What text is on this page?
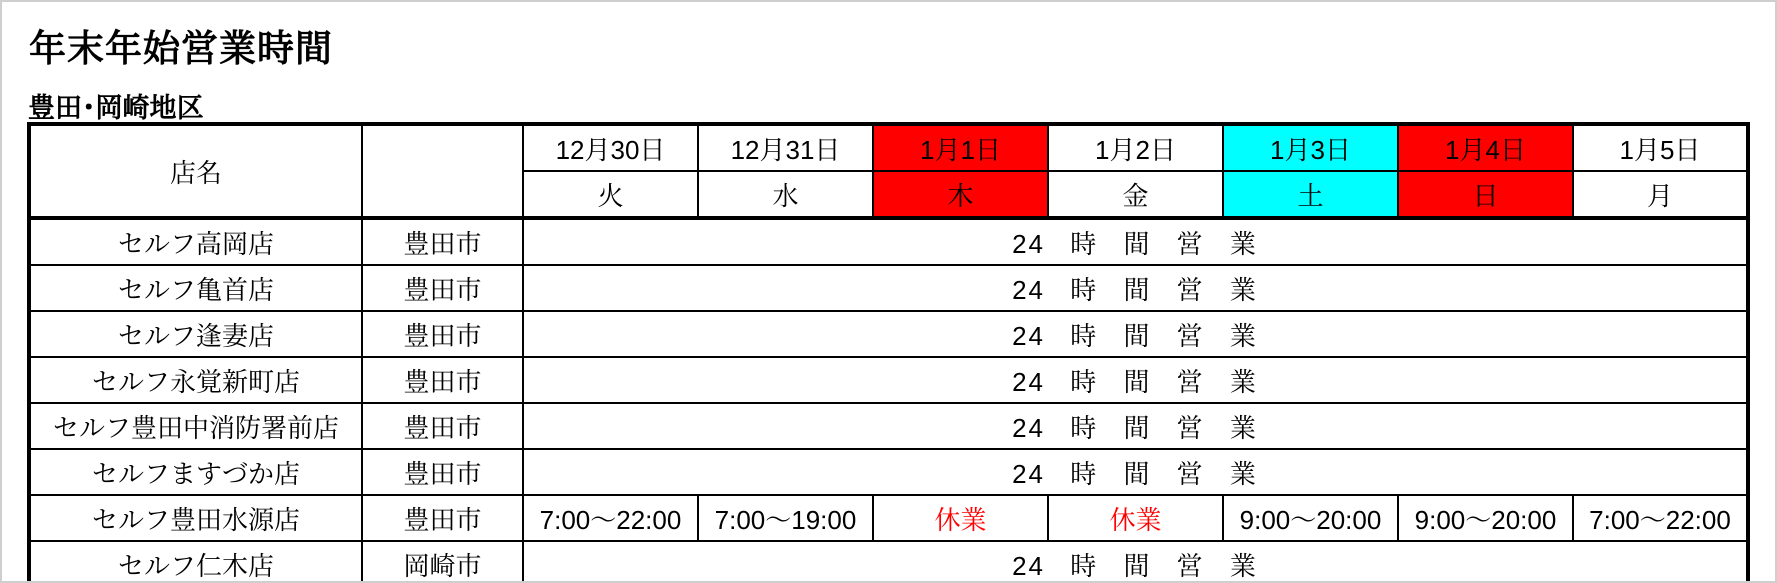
年末年始営業時間
豊田･岡崎地区
店名		12月30日	12月31日	1月1日	1月2日	1月3日	1月4日	1月5日
		火	水	木	金	土	日	月
セルフ高岡店	豊田市	24 時 間 営 業						
セルフ亀首店	豊田市	24 時 間 営 業						
セルフ逢妻店	豊田市	24 時 間 営 業						
セルフ永覚新町店	豊田市	24 時 間 営 業						
セルフ豊田中消防署前店	豊田市	24 時 間 営 業						
セルフますづか店	豊田市	24 時 間 営 業						
セルフ豊田水源店	豊田市	7:00〜22:00	7:00〜19:00	休業	休業	9:00〜20:00	9:00〜20:00	7:00〜22:00
セルフ仁木店	岡崎市	24 時 間 営 業						
